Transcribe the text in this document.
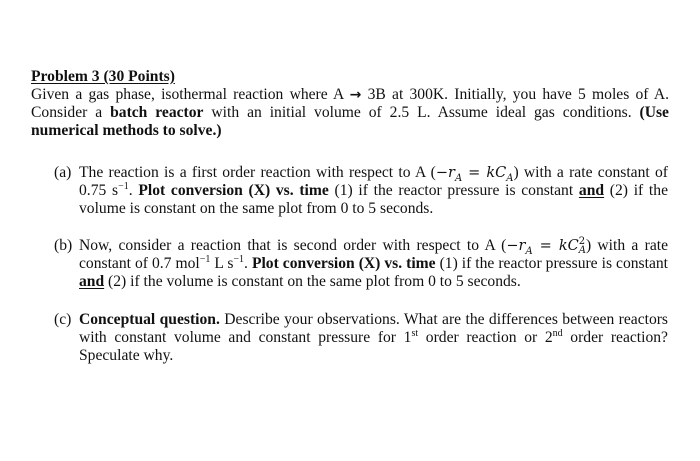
Problem 3 (30 Points)
Given a gas phase, isothermal reaction where A → 3B at 300K. Initially, you have 5 moles of A. Consider a batch reactor with an initial volume of 2.5 L. Assume ideal gas conditions. (Use numerical methods to solve.)
(a) The reaction is a first order reaction with respect to A $(-r_A = kC_A)$ with a rate constant of 0.75 $s^{-1}$. Plot conversion (X) vs. time (1) if the reactor pressure is constant and (2) if the volume is constant on the same plot from 0 to 5 seconds.
(b) Now, consider a reaction that is second order with respect to A ($-r_A$ = kC 2
A ) with a rate constant of 0.7 mol$^{-1}$ L $s^{-1}$. Plot conversion (X) vs. time (1) if the reactor pressure is constant and (2) if the volume is constant on the same plot from 0 to 5 seconds.
(c) Conceptual question. Describe your observations. What are the differences between reactors with constant volume and constant pressure for 1st order reaction or 2nd order reaction? Speculate why.
